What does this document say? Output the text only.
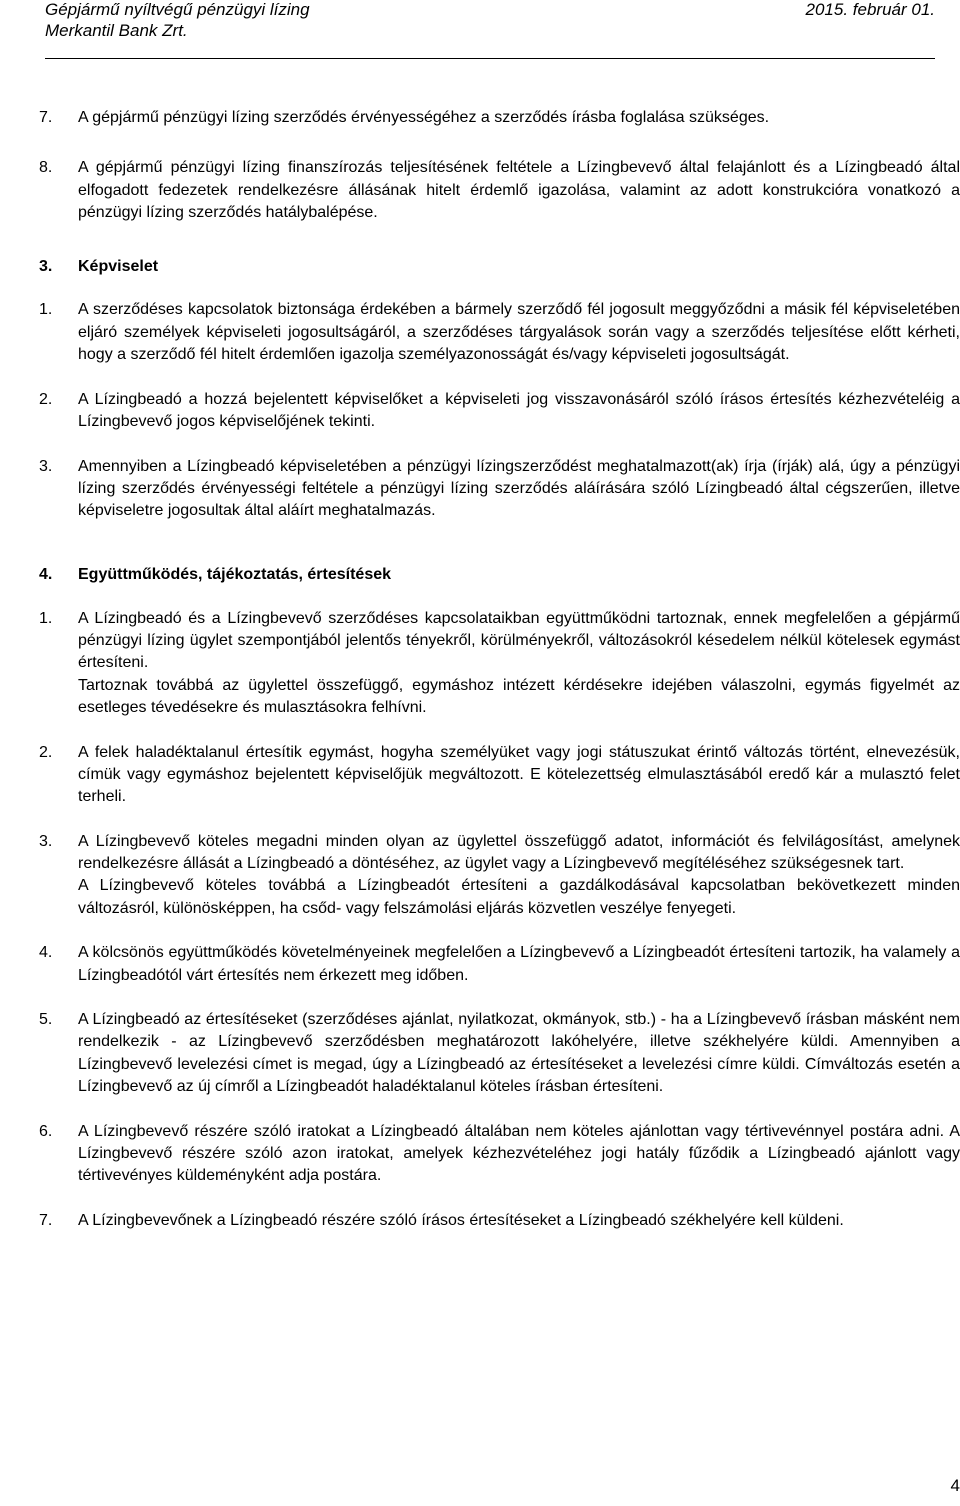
Gépjármű nyíltvégű pénzügyi lízing	2015. február 01.
Merkantil Bank Zrt.
7.	A gépjármű pénzügyi lízing szerződés érvényességéhez a szerződés írásba foglalása szükséges.

8.	A gépjármű pénzügyi lízing finanszírozás teljesítésének feltétele a Lízingbevevő által felajánlott és a Lízingbeadó által elfogadott fedezetek rendelkezésre állásának hitelt érdemlő igazolása, valamint az adott konstrukcióra vonatkozó a pénzügyi lízing szerződés hatálybalépése.

3.	Képviselet
1.	A szerződéses kapcsolatok biztonsága érdekében a bármely szerződő fél jogosult meggyőződni a másik fél képviseletében eljáró személyek képviseleti jogosultságáról, a szerződéses tárgyalások során vagy a szerződés teljesítése előtt kérheti, hogy a szerződő fél hitelt érdemlően igazolja személyazonosságát és/vagy képviseleti jogosultságát.

2.	A Lízingbeadó a hozzá bejelentett képviselőket a képviseleti jog visszavonásáról szóló írásos értesítés kézhezvételéig a Lízingbevevő jogos képviselőjének tekinti.

3.	Amennyiben a Lízingbeadó képviseletében a pénzügyi lízingszerződést meghatalmazott(ak) írja (írják) alá, úgy a pénzügyi lízing szerződés érvényességi feltétele a pénzügyi lízing szerződés aláírására szóló Lízingbeadó által cégszerűen, illetve képviseletre jogosultak által aláírt meghatalmazás.

4.	Együttműködés, tájékoztatás, értesítések
1.	A Lízingbeadó és a Lízingbevevő szerződéses kapcsolataikban együttműködni tartoznak, ennek megfelelően a gépjármű pénzügyi lízing ügylet szempontjából jelentős tényekről, körülményekről, változásokról késedelem nélkül kötelesek egymást értesíteni.

Tartoznak továbbá az ügylettel összefüggő, egymáshoz intézett kérdésekre idejében válaszolni, egymás figyelmét az esetleges tévedésekre és mulasztásokra felhívni.

2.	A felek haladéktalanul értesítik egymást, hogyha személyüket vagy jogi státuszukat érintő változás történt, elnevezésük, címük vagy egymáshoz bejelentett képviselőjük megváltozott. E kötelezettség elmulasztásából eredő kár a mulasztó felet terheli.

3.	A Lízingbevevő köteles megadni minden olyan az ügylettel összefüggő adatot, információt és felvilágosítást, amelynek rendelkezésre állását a Lízingbeadó a döntéséhez, az ügylet vagy a Lízingbevevő megítéléséhez szükségesnek tart.

A Lízingbevevő köteles továbbá a Lízingbeadót értesíteni a gazdálkodásával kapcsolatban bekövetkezett minden változásról, különösképpen, ha csőd- vagy felszámolási eljárás közvetlen veszélye fenyegeti.

4.	A kölcsönös együttműködés követelményeinek megfelelően a Lízingbevevő a Lízingbeadót értesíteni tartozik, ha valamely a Lízingbeadótól várt értesítés nem érkezett meg időben.

5.	A Lízingbeadó az értesítéseket (szerződéses ajánlat, nyilatkozat, okmányok, stb.) - ha a Lízingbevevő írásban másként nem rendelkezik - az Lízingbevevő szerződésben meghatározott lakóhelyére, illetve székhelyére küldi. Amennyiben a Lízingbevevő levelezési címet is megad, úgy a Lízingbeadó az értesítéseket a levelezési címre küldi. Címváltozás esetén a Lízingbevevő az új címről a Lízingbeadót haladéktalanul köteles írásban értesíteni.

6.	A Lízingbevevő részére szóló iratokat a Lízingbeadó általában nem köteles ajánlottan vagy tértivevénnyel postára adni. A Lízingbevevő részére szóló azon iratokat, amelyek kézhezvételéhez jogi hatály fűződik a Lízingbeadó ajánlott vagy tértivevényes küldeményként adja postára.

7.	A Lízingbevevőnek a Lízingbeadó részére szóló írásos értesítéseket a Lízingbeadó székhelyére kell küldeni.

4
